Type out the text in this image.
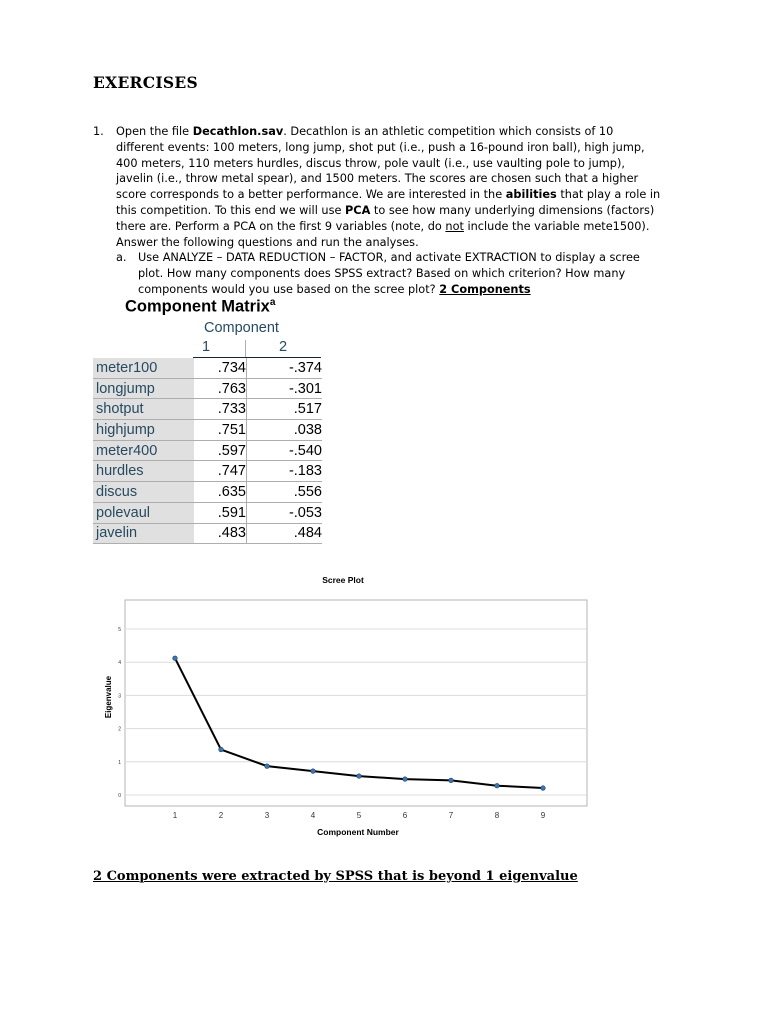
EXERCISES
1.	Open the file Decathlon.sav. Decathlon is an athletic competition which consists of 10 different events: 100 meters, long jump, shot put (i.e., push a 16-pound iron ball), high jump, 400 meters, 110 meters hurdles, discus throw, pole vault (i.e., use vaulting pole to jump), javelin (i.e., throw metal spear), and 1500 meters. The scores are chosen such that a higher score corresponds to a better performance. We are interested in the abilities that play a role in this competition. To this end we will use PCA to see how many underlying dimensions (factors) there are. Perform a PCA on the first 9 variables (note, do not include the variable mete1500). Answer the following questions and run the analyses.
a.	Use ANALYZE – DATA REDUCTION – FACTOR, and activate EXTRACTION to display a scree plot. How many components does SPSS extract? Based on which criterion? How many components would you use based on the scree plot? 2 Components
Component Matrix$^a$
Component
1	2
meter100	.734	-.374
longjump	.763	-.301
shotput	.733	.517
highjump	.751	.038
meter400	.597	-.540
hurdles	.747	-.183
discus	.635	.556
polevaul	.591	-.053
javelin	.483	.484
0
1
2
3
4
5
1	2	3	4	5	6	7	8	9
Scree Plot
Component Number
Eigenvalue
2 Components were extracted by SPSS that is beyond 1 eigenvalue
